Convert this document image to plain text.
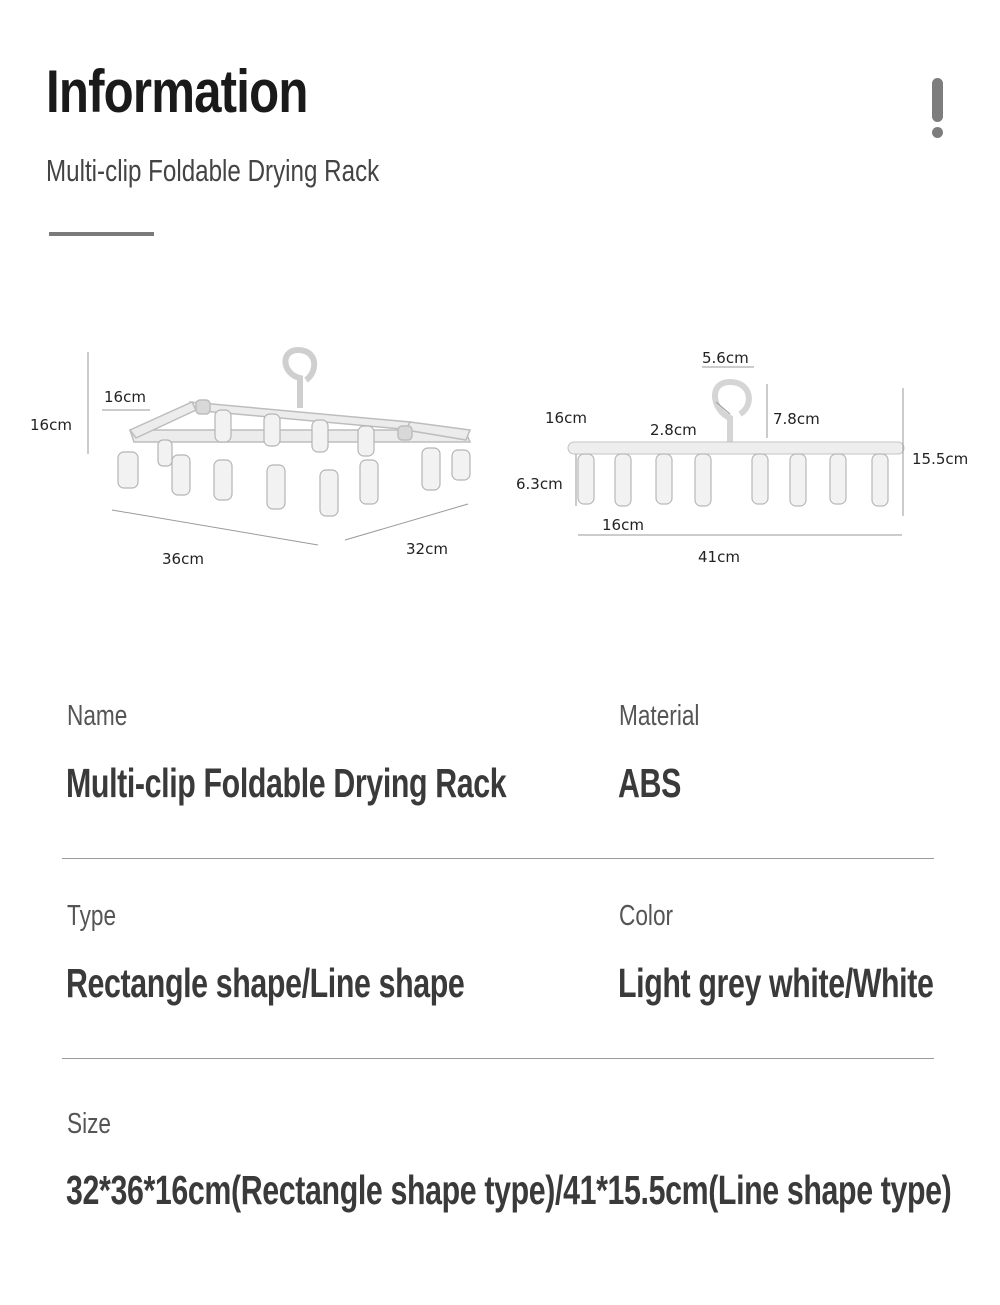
Information
Multi-clip Foldable Drying Rack
16cm
16cm
36cm
32cm
5.6cm
7.8cm
2.8cm
16cm
6.3cm
16cm
15.5cm
41cm
Name
Multi-clip Foldable Drying Rack
Material
ABS
Type
Rectangle shape/Line shape
Color
Light grey white/White
Size
32*36*16cm(Rectangle shape type)/41*15.5cm(Line shape type)
